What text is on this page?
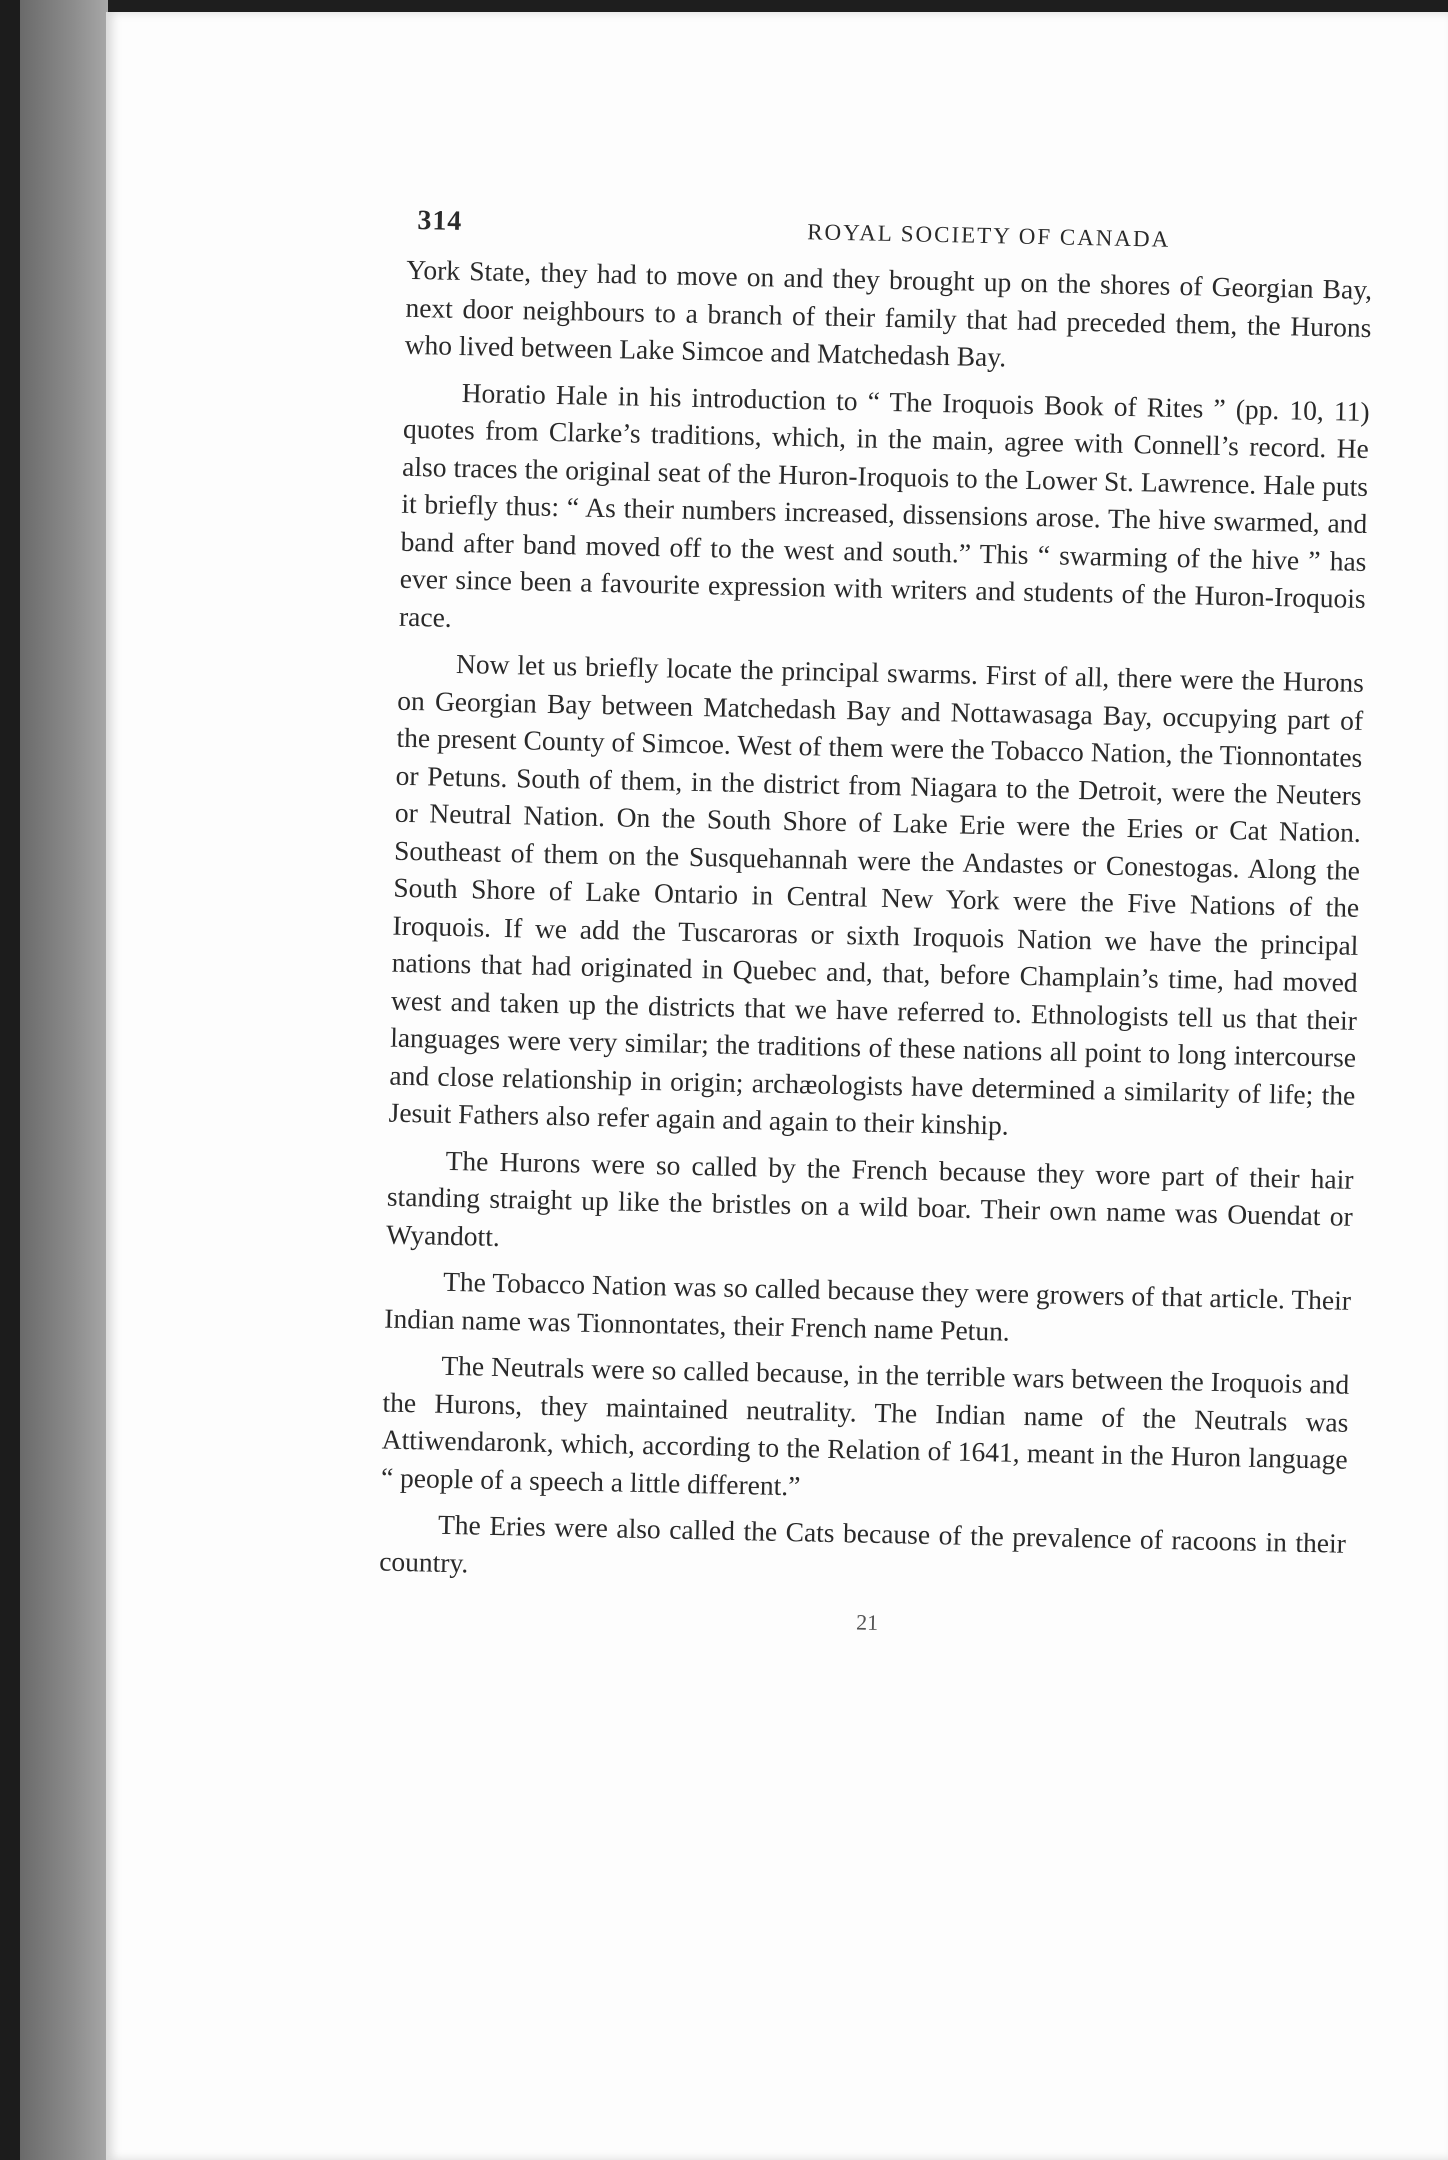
314	ROYAL SOCIETY OF CANADA

York State, they had to move on and they brought up on the shores of Georgian Bay, next door neighbours to a branch of their family that had preceded them, the Hurons who lived between Lake Simcoe and Matchedash Bay.

Horatio Hale in his introduction to “ The Iroquois Book of Rites ” (pp. 10, 11) quotes from Clarke’s traditions, which, in the main, agree with Connell’s record. He also traces the original seat of the Huron-Iroquois to the Lower St. Lawrence. Hale puts it briefly thus: “ As their numbers increased, dissensions arose. The hive swarmed, and band after band moved off to the west and south.” This “ swarming of the hive ” has ever since been a favourite expression with writers and students of the Huron-Iroquois race.

Now let us briefly locate the principal swarms. First of all, there were the Hurons on Georgian Bay between Matchedash Bay and Nottawasaga Bay, occupying part of the present County of Simcoe. West of them were the Tobacco Nation, the Tionnontates or Petuns. South of them, in the district from Niagara to the Detroit, were the Neuters or Neutral Nation. On the South Shore of Lake Erie were the Eries or Cat Nation. Southeast of them on the Susquehannah were the Andastes or Conestogas. Along the South Shore of Lake Ontario in Central New York were the Five Nations of the Iroquois. If we add the Tuscaroras or sixth Iroquois Nation we have the principal nations that had originated in Quebec and, that, before Champlain’s time, had moved west and taken up the districts that we have referred to. Ethnologists tell us that their languages were very similar; the traditions of these nations all point to long intercourse and close relationship in origin; archæologists have determined a similarity of life; the Jesuit Fathers also refer again and again to their kinship.

The Hurons were so called by the French because they wore part of their hair standing straight up like the bristles on a wild boar. Their own name was Ouendat or Wyandott.

The Tobacco Nation was so called because they were growers of that article. Their Indian name was Tionnontates, their French name Petun.

The Neutrals were so called because, in the terrible wars between the Iroquois and the Hurons, they maintained neutrality. The Indian name of the Neutrals was Attiwendaronk, which, according to the Relation of 1641, meant in the Huron language “ people of a speech a little different.”

The Eries were also called the Cats because of the prevalence of racoons in their country.

21
